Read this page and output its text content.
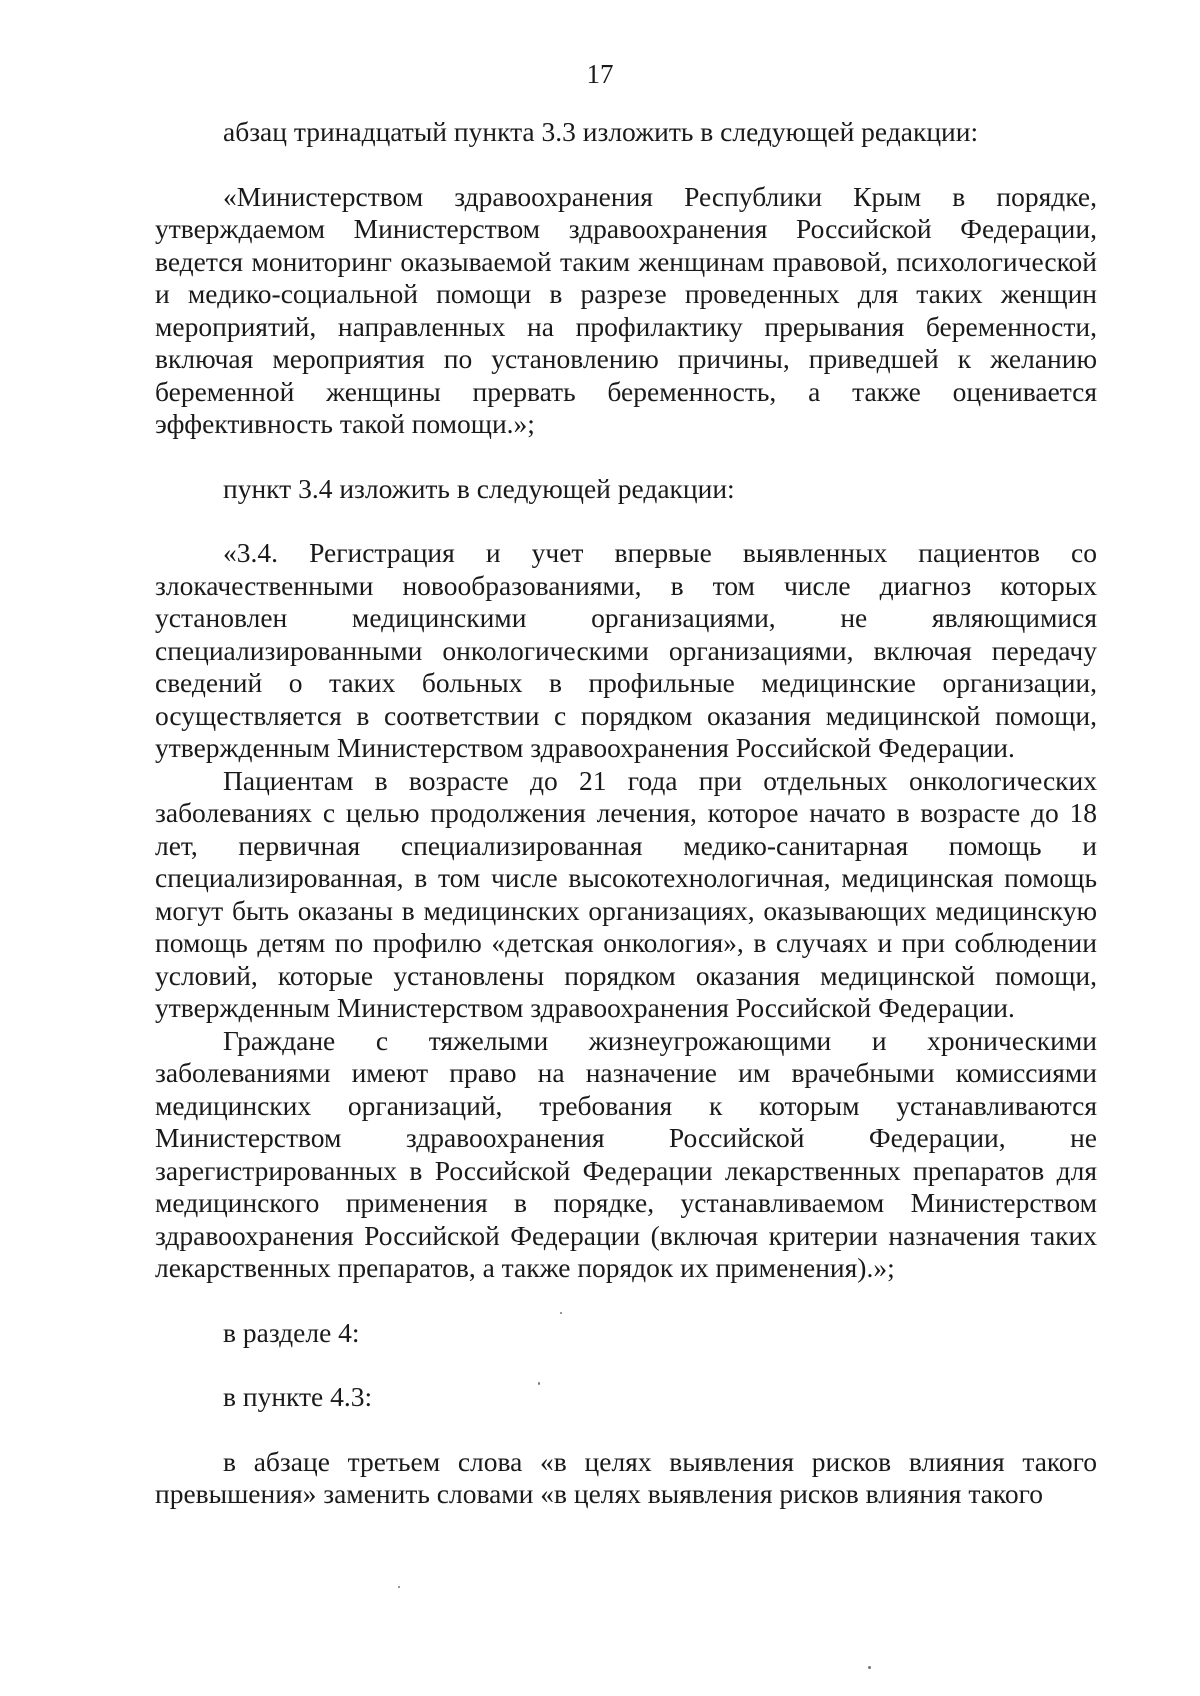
17

абзац тринадцатый пункта 3.3 изложить в следующей редакции:

«Министерством здравоохранения Республики Крым в порядке, утверждаемом Министерством здравоохранения Российской Федерации, ведется мониторинг оказываемой таким женщинам правовой, психологической и медико-социальной помощи в разрезе проведенных для таких женщин мероприятий, направленных на профилактику прерывания беременности, включая мероприятия по установлению причины, приведшей к желанию беременной женщины прервать беременность, а также оценивается эффективность такой помощи.»;

пункт 3.4 изложить в следующей редакции:

«3.4. Регистрация и учет впервые выявленных пациентов со злокачественными новообразованиями, в том числе диагноз которых установлен медицинскими организациями, не являющимися специализированными онкологическими организациями, включая передачу сведений о таких больных в профильные медицинские организации, осуществляется в соответствии с порядком оказания медицинской помощи, утвержденным Министерством здравоохранения Российской Федерации.

Пациентам в возрасте до 21 года при отдельных онкологических заболеваниях с целью продолжения лечения, которое начато в возрасте до 18 лет, первичная специализированная медико-санитарная помощь и специализированная, в том числе высокотехнологичная, медицинская помощь могут быть оказаны в медицинских организациях, оказывающих медицинскую помощь детям по профилю «детская онкология», в случаях и при соблюдении условий, которые установлены порядком оказания медицинской помощи, утвержденным Министерством здравоохранения Российской Федерации.

Граждане с тяжелыми жизнеугрожающими и хроническими заболеваниями имеют право на назначение им врачебными комиссиями медицинских организаций, требования к которым устанавливаются Министерством здравоохранения Российской Федерации, не зарегистрированных в Российской Федерации лекарственных препаратов для медицинского применения в порядке, устанавливаемом Министерством здравоохранения Российской Федерации (включая критерии назначения таких лекарственных препаратов, а также порядок их применения).»;

в разделе 4:

в пункте 4.3:

в абзаце третьем слова «в целях выявления рисков влияния такого превышения» заменить словами «в целях выявления рисков влияния такого
